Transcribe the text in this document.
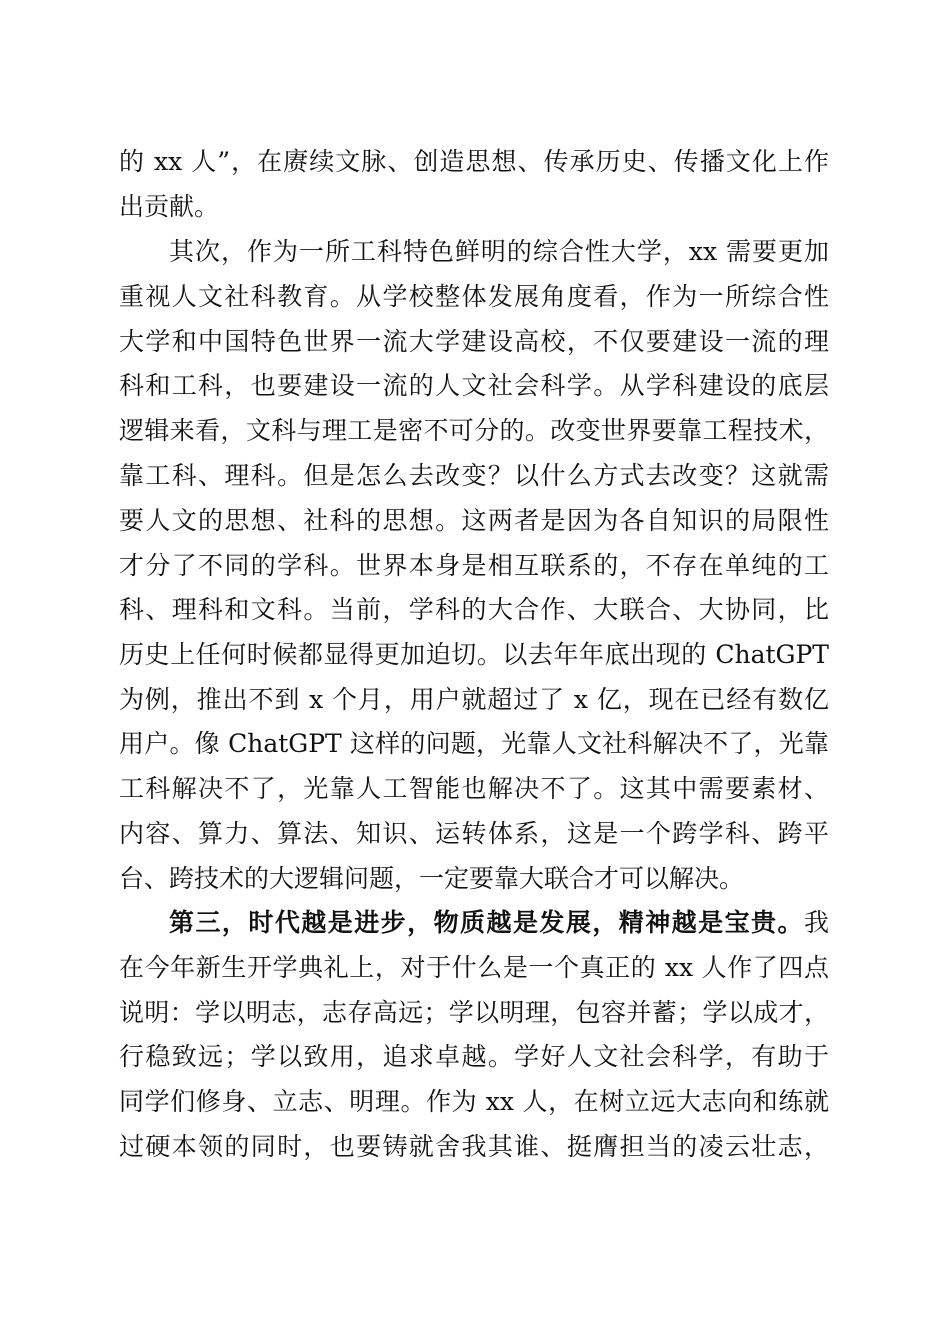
的 xx 人”，在赓续文脉、创造思想、传承历史、传播文化上作
出贡献。
其次，作为一所工科特色鲜明的综合性大学，xx 需要更加
重视人文社科教育。从学校整体发展角度看，作为一所综合性
大学和中国特色世界一流大学建设高校，不仅要建设一流的理
科和工科，也要建设一流的人文社会科学。从学科建设的底层
逻辑来看，文科与理工是密不可分的。改变世界要靠工程技术，
靠工科、理科。但是怎么去改变？以什么方式去改变？这就需
要人文的思想、社科的思想。这两者是因为各自知识的局限性
才分了不同的学科。世界本身是相互联系的，不存在单纯的工
科、理科和文科。当前，学科的大合作、大联合、大协同，比
历史上任何时候都显得更加迫切。以去年年底出现的 ChatGPT
为例，推出不到 x 个月，用户就超过了 x 亿，现在已经有数亿
用户。像 ChatGPT 这样的问题，光靠人文社科解决不了，光靠
工科解决不了，光靠人工智能也解决不了。这其中需要素材、
内容、算力、算法、知识、运转体系，这是一个跨学科、跨平
台、跨技术的大逻辑问题，一定要靠大联合才可以解决。
第三，时代越是进步，物质越是发展，精神越是宝贵。我
在今年新生开学典礼上，对于什么是一个真正的 xx 人作了四点
说明：学以明志，志存高远；学以明理，包容并蓄；学以成才，
行稳致远；学以致用，追求卓越。学好人文社会科学，有助于
同学们修身、立志、明理。作为 xx 人，在树立远大志向和练就
过硬本领的同时，也要铸就舍我其谁、挺膺担当的凌云壮志，
